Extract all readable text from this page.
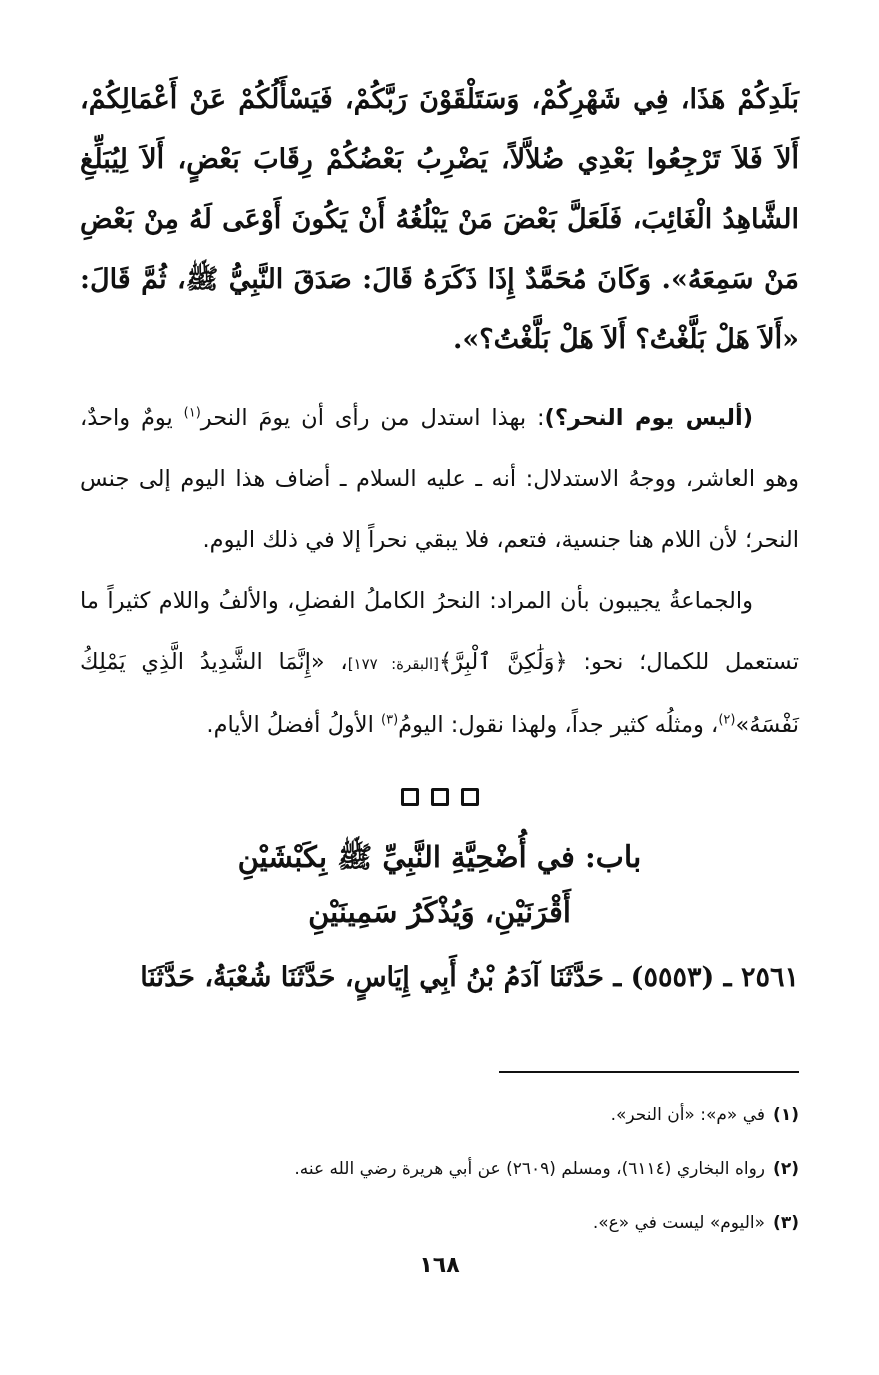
بَلَدِكُمْ هَذَا، فِي شَهْرِكُمْ، وَسَتَلْقَوْنَ رَبَّكُمْ، فَيَسْأَلُكُمْ عَنْ أَعْمَالِكُمْ، أَلاَ فَلاَ تَرْجِعُوا بَعْدِي ضُلاَّلاً، يَضْرِبُ بَعْضُكُمْ رِقَابَ بَعْضٍ، أَلاَ لِيُبَلِّغِ الشَّاهِدُ الْغَائِبَ، فَلَعَلَّ بَعْضَ مَنْ يَبْلُغُهُ أَنْ يَكُونَ أَوْعَى لَهُ مِنْ بَعْضِ مَنْ سَمِعَهُ». وَكَانَ مُحَمَّدٌ إِذَا ذَكَرَهُ قَالَ: صَدَقَ النَّبِيُّ ﷺ، ثُمَّ قَالَ: «أَلاَ هَلْ بَلَّغْتُ؟ أَلاَ هَلْ بَلَّغْتُ؟».

(أليس يوم النحر؟): بهذا استدل من رأى أن يومَ النحر$^{(١)}$ يومٌ واحدٌ، وهو العاشر، ووجهُ الاستدلال: أنه ـ عليه السلام ـ أضاف هذا اليوم إلى جنس النحر؛ لأن اللام هنا جنسية، فتعم، فلا يبقي نحراً إلا في ذلك اليوم.

والجماعةُ يجيبون بأن المراد: النحرُ الكاملُ الفضلِ، والألفُ واللام كثيراً ما تستعمل للكمال؛ نحو: ﴿وَلَٰكِنَّ ٱلْبِرَّ﴾[البقرة: ١٧٧]، «إِنَّمَا الشَّدِيدُ الَّذِي يَمْلِكُ نَفْسَهُ»$^{(٢)}$، ومثلُه كثير جداً، ولهذا نقول: اليومُ$^{(٣)}$ الأولُ أفضلُ الأيام.

باب: في أُضْحِيَّةِ النَّبِيِّ ﷺ بِكَبْشَيْنِ

أَقْرَنَيْنِ، وَيُذْكَرُ سَمِينَيْنِ

٢٥٦١ ـ (٥٥٥٣) ـ حَدَّثَنَا آدَمُ بْنُ أَبِي إِيَاسٍ، حَدَّثَنَا شُعْبَةُ، حَدَّثَنَا

(١)في «م»: «أن النحر».

(٢)رواه البخاري (٦١١٤)، ومسلم (٢٦٠٩) عن أبي هريرة رضي الله عنه.

(٣)«اليوم» ليست في «ع».

١٦٨
